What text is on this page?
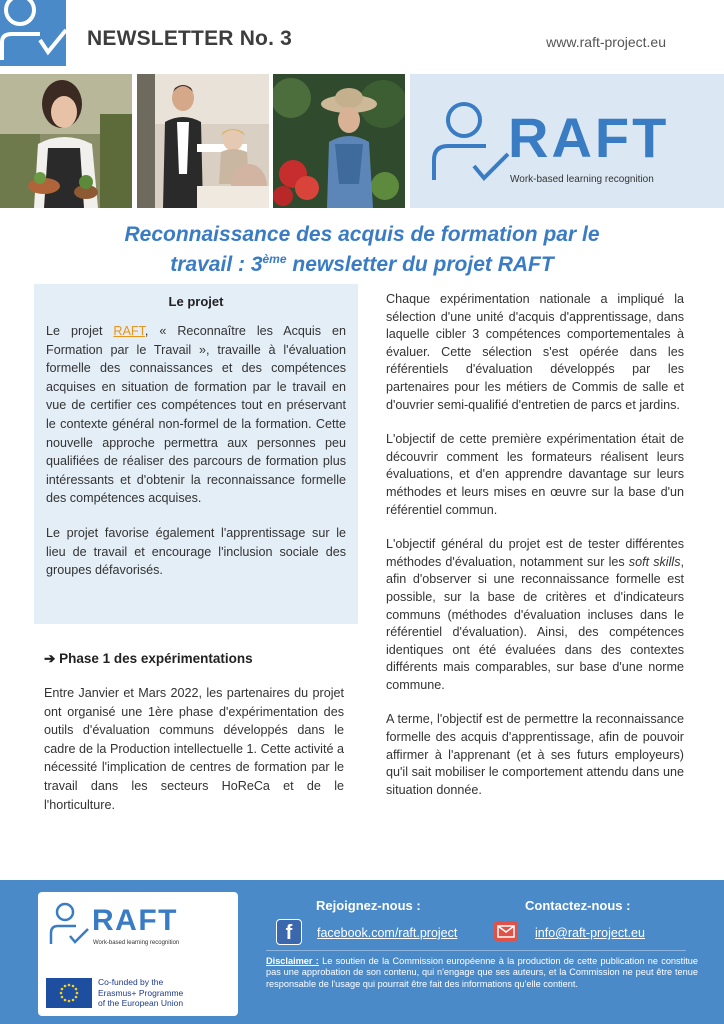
NEWSLETTER No. 3	www.raft-project.eu
RAFT
Work-based learning recognition
Reconnaissance des acquis de formation par le
travail : 3ème newsletter du projet RAFT
Le projet

Le projet RAFT, « Reconnaître les Acquis en Formation par le Travail », travaille à l'évaluation formelle des connaissances et des compétences acquises en situation de formation par le travail en vue de certifier ces compétences tout en préservant le contexte général non-formel de la formation. Cette nouvelle approche permettra aux personnes peu qualifiées de réaliser des parcours de formation plus intéressants et d'obtenir la reconnaissance formelle des compétences acquises.

Le projet favorise également l'apprentissage sur le lieu de travail et encourage l'inclusion sociale des groupes défavorisés.

➔ Phase 1 des expérimentations

Entre Janvier et Mars 2022, les partenaires du projet ont organisé une 1ère phase d'expérimentation des outils d'évaluation communs développés dans le cadre de la Production intellectuelle 1. Cette activité a nécessité l'implication de centres de formation par le travail dans les secteurs HoReCa et de le l'horticulture.

Chaque expérimentation nationale a impliqué la sélection d'une unité d'acquis d'apprentissage, dans laquelle cibler 3 compétences comportementales à évaluer. Cette sélection s'est opérée dans les référentiels d'évaluation développés par les partenaires pour les métiers de Commis de salle et d'ouvrier semi-qualifié d'entretien de parcs et jardins.

L'objectif de cette première expérimentation était de découvrir comment les formateurs réalisent leurs évaluations, et d'en apprendre davantage sur leurs méthodes et leurs mises en œuvre sur la base d'un référentiel commun.

L'objectif général du projet est de tester différentes méthodes d'évaluation, notamment sur les soft skills, afin d'observer si une reconnaissance formelle est possible, sur la base de critères et d'indicateurs communs (méthodes d'évaluation incluses dans le référentiel d'évaluation). Ainsi, des compétences identiques ont été évaluées dans des contextes différents mais comparables, sur base d'une norme commune.

A terme, l'objectif est de permettre la reconnaissance formelle des acquis d'apprentissage, afin de pouvoir affirmer à l'apprenant (et à ses futurs employeurs) qu'il sait mobiliser le comportement attendu dans une situation donnée.

RAFT
Work-based learning recognition
Co-funded by the
Erasmus+ Programme
of the European Union
Rejoignez-nous :	Contactez-nous :
f	facebook.com/raft.project	info@raft-project.eu

Disclaimer : Le soutien de la Commission européenne à la production de cette publication ne constitue pas une approbation de son contenu, qui n'engage que ses auteurs, et la Commission ne peut être tenue responsable de l'usage qui pourrait être fait des informations qu'elle contient.
